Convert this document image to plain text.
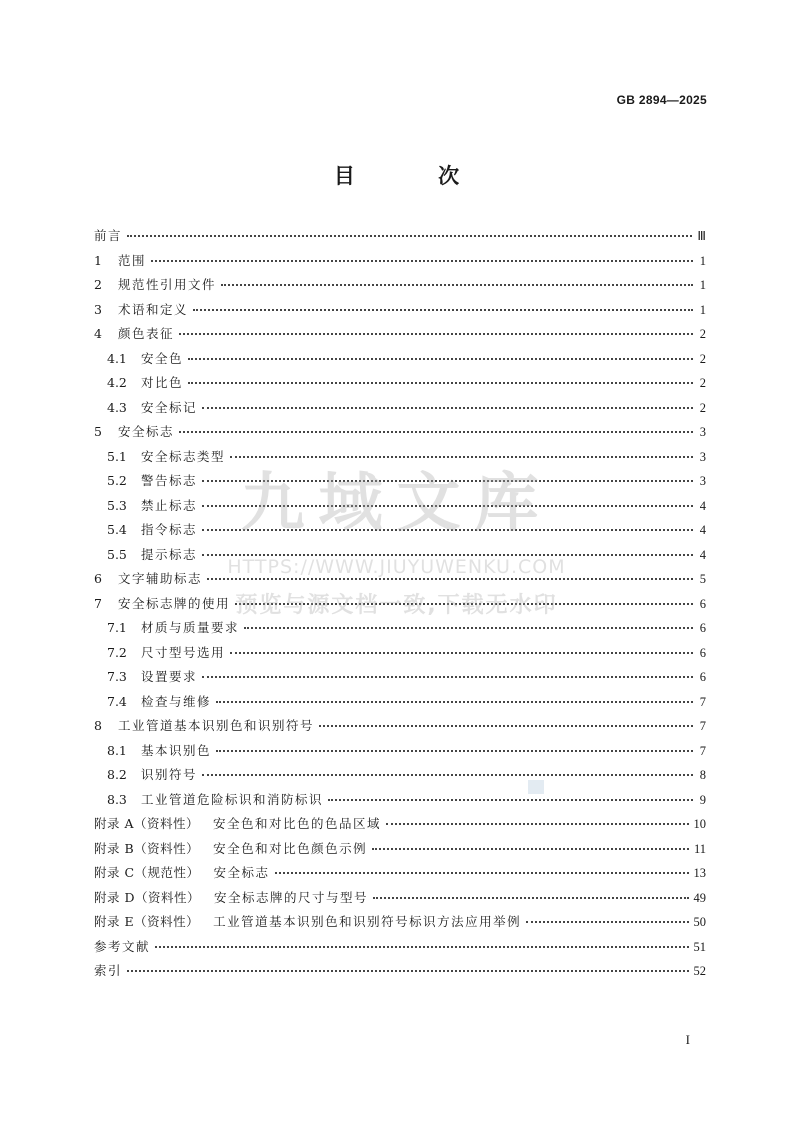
GB 2894—2025
目 次
前言	Ⅲ
1	范围	1
2	规范性引用文件	1
3	术语和定义	1
4	颜色表征	2
4.1	安全色	2
4.2	对比色	2
4.3	安全标记	2
5	安全标志	3
5.1	安全标志类型	3
5.2	警告标志	3
5.3	禁止标志	4
5.4	指令标志	4
5.5	提示标志	4
6	文字辅助标志	5
7	安全标志牌的使用	6
7.1	材质与质量要求	6
7.2	尺寸型号选用	6
7.3	设置要求	6
7.4	检查与维修	7
8	工业管道基本识别色和识别符号	7
8.1	基本识别色	7
8.2	识别符号	8
8.3	工业管道危险标识和消防标识	9
附录 A（资料性） 安全色和对比色的色品区域	10
附录 B（资料性） 安全色和对比色颜色示例	11
附录 C（规范性） 安全标志	13
附录 D（资料性） 安全标志牌的尺寸与型号	49
附录 E（资料性） 工业管道基本识别色和识别符号标识方法应用举例	50
参考文献	51
索引	52
九域文库
HTTPS://WWW.JIUYUWENKU.COM
预览与源文档一致,下载无水印
I
